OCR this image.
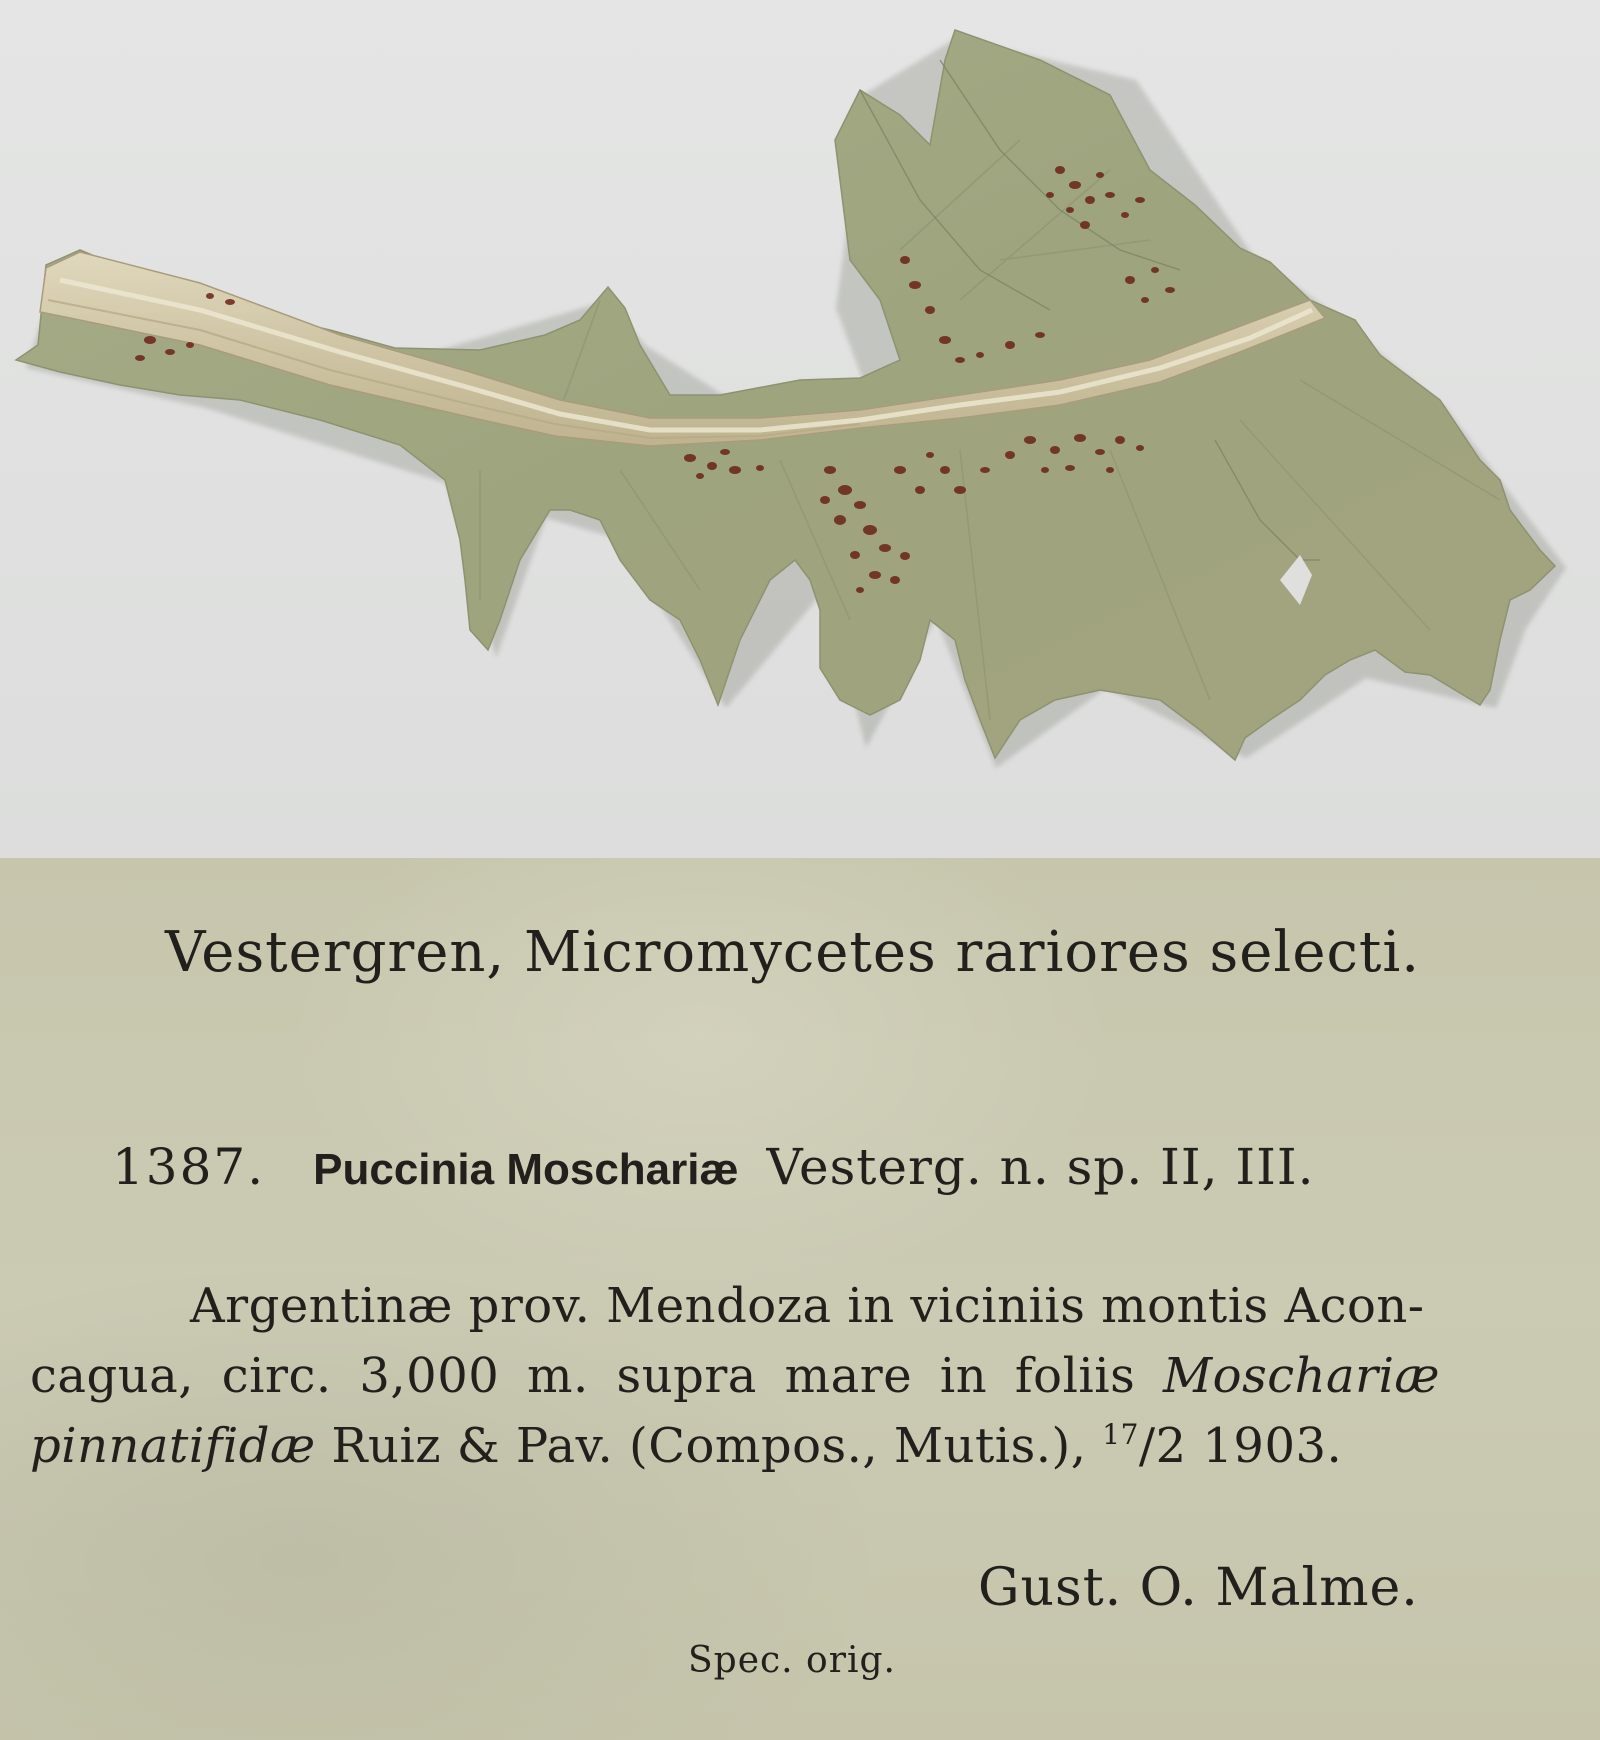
Vestergren, Micromycetes rariores selecti.
1387. Puccinia Moschariæ Vesterg. n. sp. II, III.
Argentinæ prov. Mendoza in viciniis montis Acon-
cagua, circ. 3,000 m. supra mare in foliis Moschariæ
pinnatifidæ Ruiz & Pav. (Compos., Mutis.), $^{17}$/2 1903.
Gust. O. Malme.
Spec. orig.
